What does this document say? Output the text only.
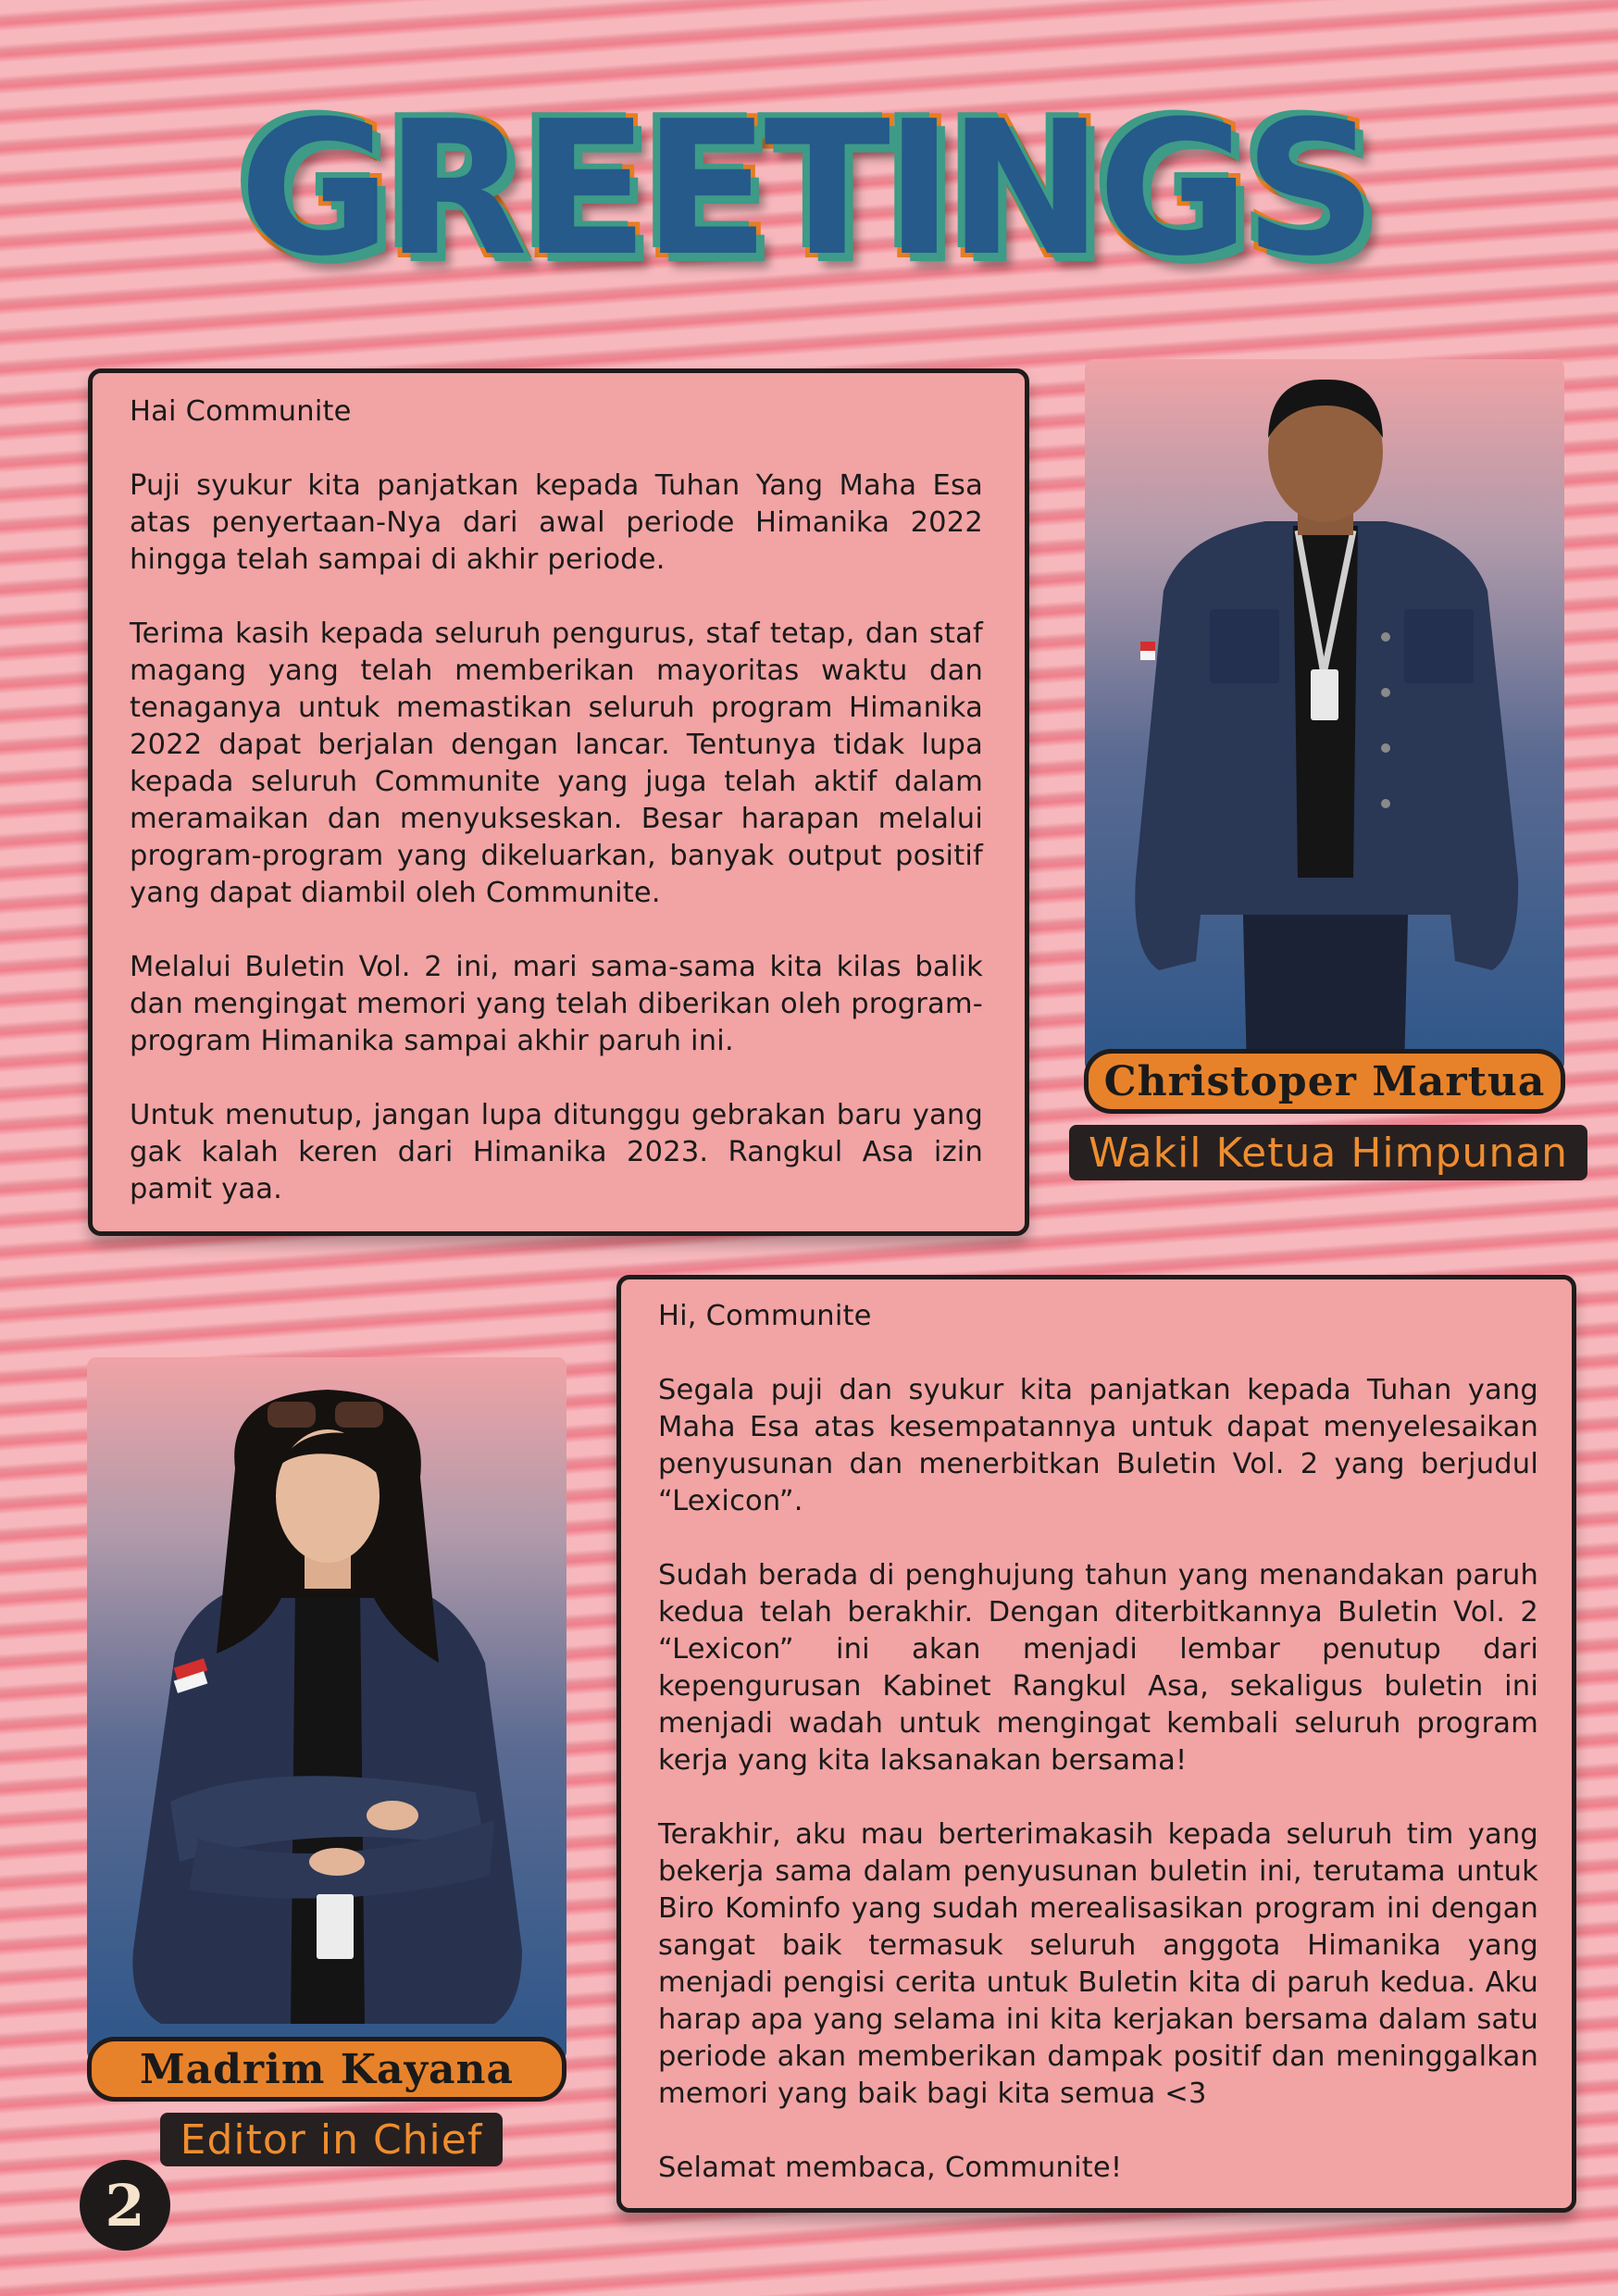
GREETINGS

Hai Communite

Puji syukur kita panjatkan kepada Tuhan Yang Maha Esa atas penyertaan-Nya dari awal periode Himanika 2022 hingga telah sampai di akhir periode.

Terima kasih kepada seluruh pengurus, staf tetap, dan staf magang yang telah memberikan mayoritas waktu dan tenaganya untuk memastikan seluruh program Himanika 2022 dapat berjalan dengan lancar. Tentunya tidak lupa kepada seluruh Communite yang juga telah aktif dalam meramaikan dan menyukseskan. Besar harapan melalui program-program yang dikeluarkan, banyak output positif yang dapat diambil oleh Communite.

Melalui Buletin Vol. 2 ini, mari sama-sama kita kilas balik dan mengingat memori yang telah diberikan oleh program-program Himanika sampai akhir paruh ini.

Untuk menutup, jangan lupa ditunggu gebrakan baru yang gak kalah keren dari Himanika 2023. Rangkul Asa izin pamit yaa.

Christoper Martua
Wakil Ketua Himpunan
Madrim Kayana
Editor in Chief

Hi, Communite

Segala puji dan syukur kita panjatkan kepada Tuhan yang Maha Esa atas kesempatannya untuk dapat menyelesaikan penyusunan dan menerbitkan Buletin Vol. 2 yang berjudul “Lexicon”.

Sudah berada di penghujung tahun yang menandakan paruh kedua telah berakhir. Dengan diterbitkannya Buletin Vol. 2 “Lexicon” ini akan menjadi lembar penutup dari kepengurusan Kabinet Rangkul Asa, sekaligus buletin ini menjadi wadah untuk mengingat kembali seluruh program kerja yang kita laksanakan bersama!

Terakhir, aku mau berterimakasih kepada seluruh tim yang bekerja sama dalam penyusunan buletin ini, terutama untuk Biro Kominfo yang sudah merealisasikan program ini dengan sangat baik termasuk seluruh anggota Himanika yang menjadi pengisi cerita untuk Buletin kita di paruh kedua. Aku harap apa yang selama ini kita kerjakan bersama dalam satu periode akan memberikan dampak positif dan meninggalkan memori yang baik bagi kita semua <3

Selamat membaca, Communite!

2
